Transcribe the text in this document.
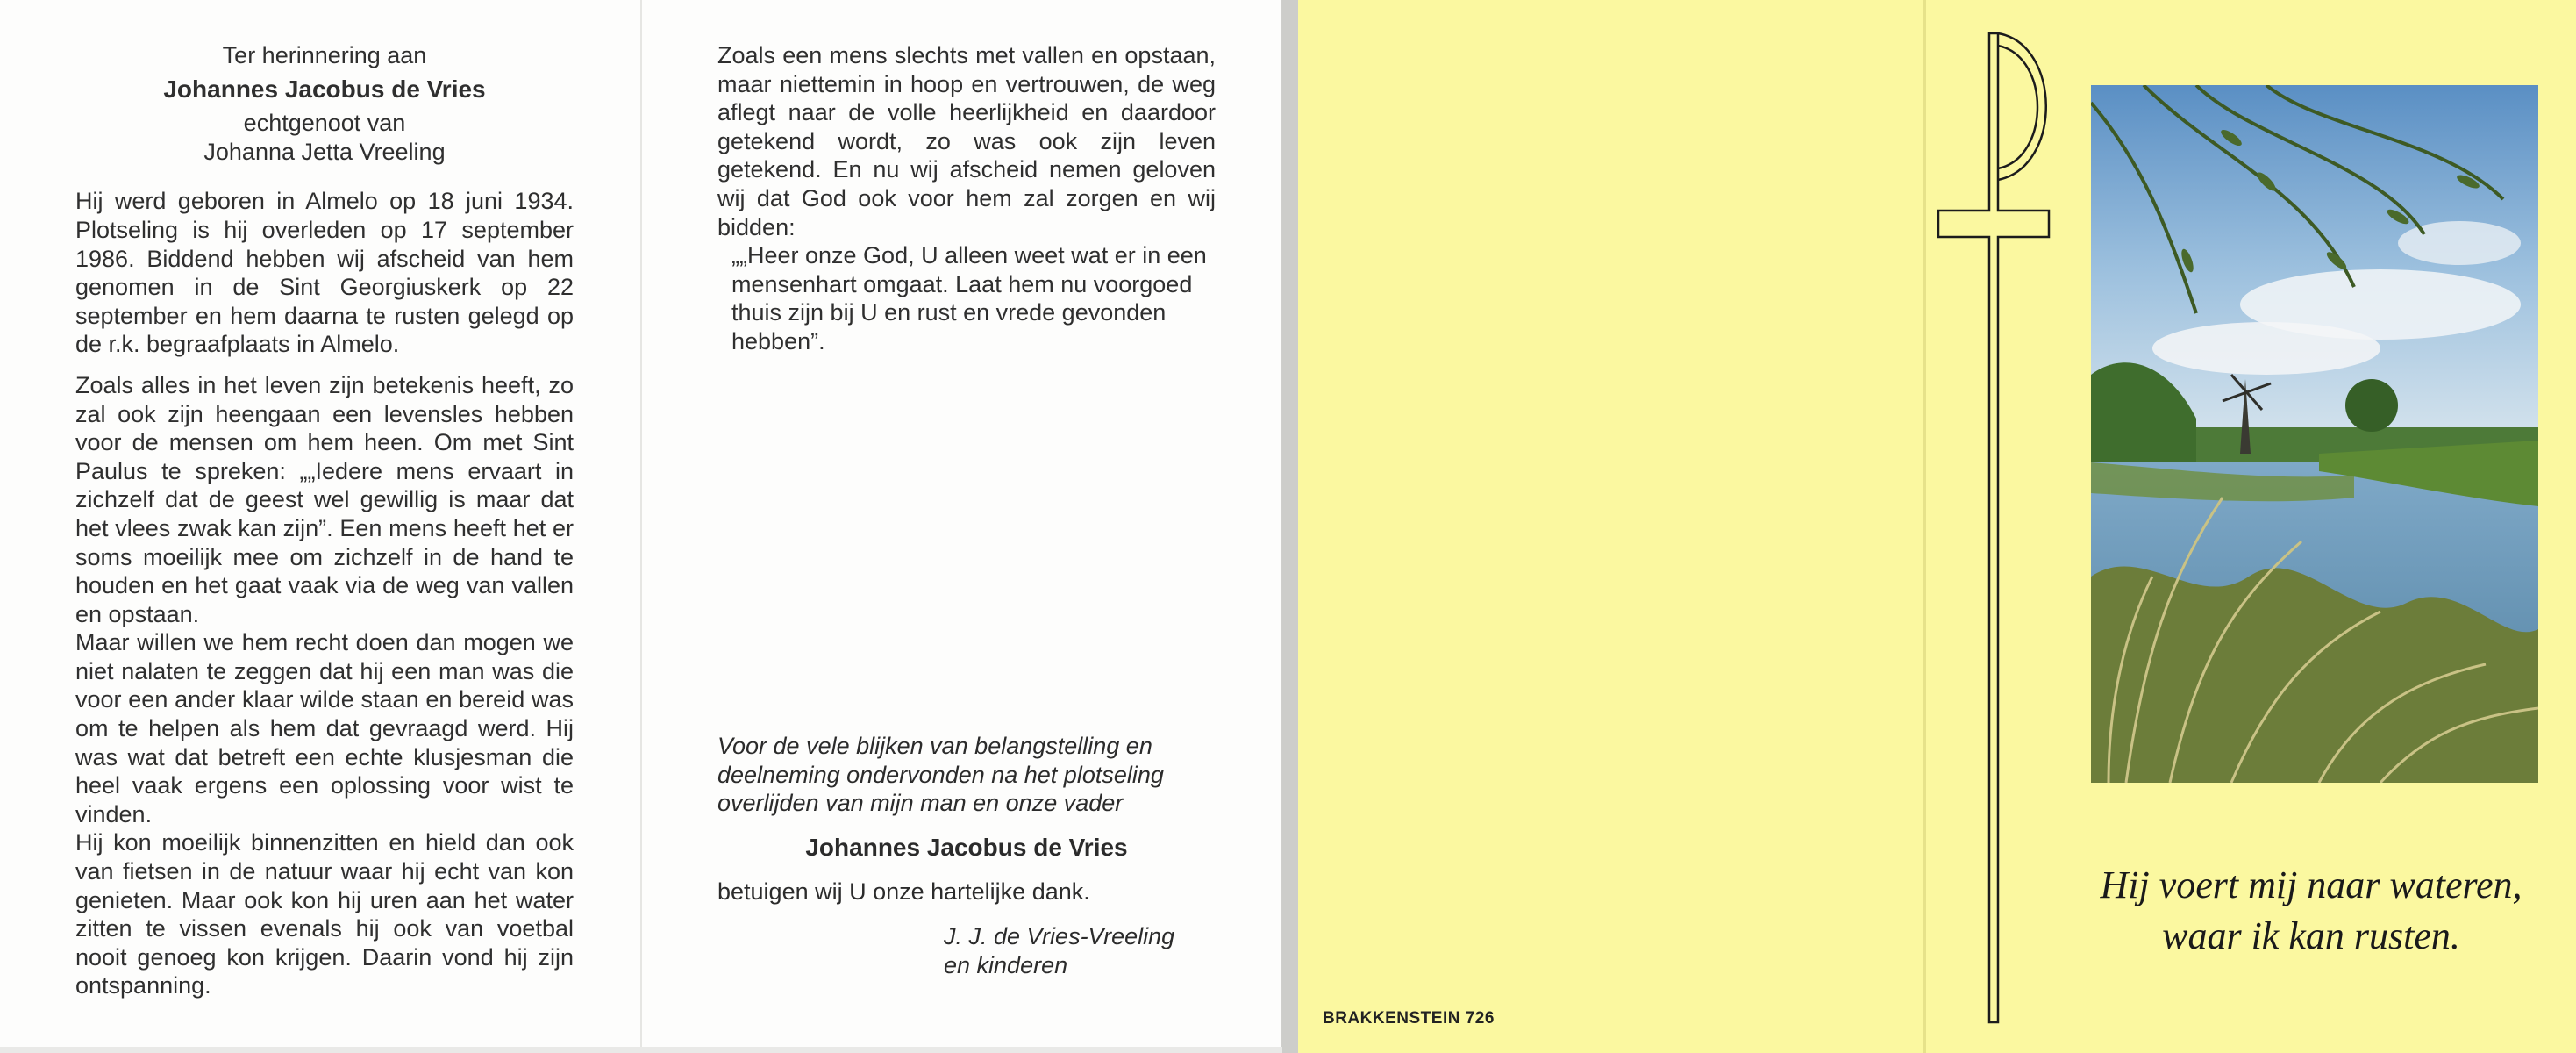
Ter herinnering aan
Johannes Jacobus de Vries
echtgenoot van
Johanna Jetta Vreeling

Hij werd geboren in Almelo op 18 juni 1934. Plotseling is hij overleden op 17 september 1986. Biddend hebben wij afscheid van hem genomen in de Sint Georgiuskerk op 22 september en hem daarna te rusten gelegd op de r.k. begraafplaats in Almelo.

Zoals alles in het leven zijn betekenis heeft, zo zal ook zijn heengaan een levensles hebben voor de mensen om hem heen. Om met Sint Paulus te spreken: „„Iedere mens ervaart in zichzelf dat de geest wel gewillig is maar dat het vlees zwak kan zijn”. Een mens heeft het er soms moeilijk mee om zichzelf in de hand te houden en het gaat vaak via de weg van vallen en opstaan.

Maar willen we hem recht doen dan mogen we niet nalaten te zeggen dat hij een man was die voor een ander klaar wilde staan en bereid was om te helpen als hem dat gevraagd werd. Hij was wat dat betreft een echte klusjesman die heel vaak ergens een oplossing voor wist te vinden.

Hij kon moeilijk binnenzitten en hield dan ook van fietsen in de natuur waar hij echt van kon genieten. Maar ook kon hij uren aan het water zitten te vissen evenals hij ook van voetbal nooit genoeg kon krijgen. Daarin vond hij zijn ontspanning.

Zoals een mens slechts met vallen en opstaan, maar niettemin in hoop en vertrouwen, de weg aflegt naar de volle heerlijkheid en daardoor getekend wordt, zo was ook zijn leven getekend. En nu wij afscheid nemen geloven wij dat God ook voor hem zal zorgen en wij bidden:

„„Heer onze God, U alleen weet wat er in een mensenhart omgaat. Laat hem nu voorgoed thuis zijn bij U en rust en vrede gevonden hebben”.

Voor de vele blijken van belangstelling en deelneming ondervonden na het plotseling overlijden van mijn man en onze vader

Johannes Jacobus de Vries

betuigen wij U onze hartelijke dank.

J. J. de Vries-Vreeling

en kinderen

BRAKKENSTEIN 726
Hij voert mij naar wateren,
waar ik kan rusten.
